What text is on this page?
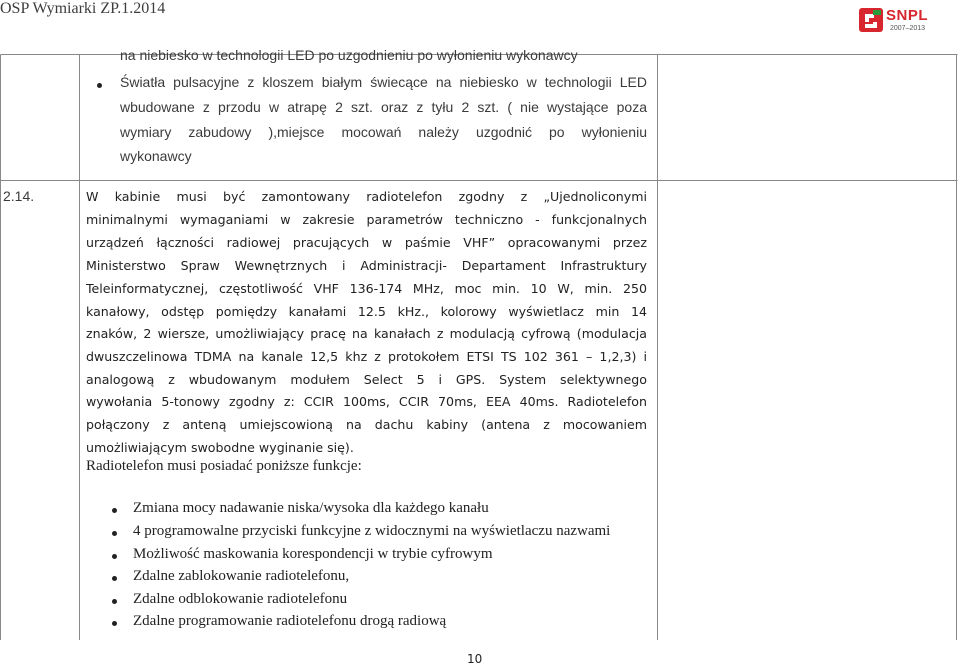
OSP Wymiarki ZP.1.2014	SNPL
2007–2013
na niebiesko w technologii LED po uzgodnieniu po wyłonieniu wykonawcy
Światła pulsacyjne z kloszem białym świecące na niebiesko w technologii LED
wbudowane z przodu w atrapę 2 szt. oraz z tyłu 2 szt. ( nie wystające poza
wymiary zabudowy ),miejsce mocowań należy uzgodnić po wyłonieniu
wykonawcy
2.14.	W kabinie musi być zamontowany radiotelefon zgodny z „Ujednoliconymi
minimalnymi wymaganiami w zakresie parametrów techniczno - funkcjonalnych
urządzeń łączności radiowej pracujących w paśmie VHF” opracowanymi przez
Ministerstwo Spraw Wewnętrznych i Administracji- Departament Infrastruktury
Teleinformatycznej, częstotliwość VHF 136-174 MHz, moc min. 10 W, min. 250
kanałowy, odstęp pomiędzy kanałami 12.5 kHz., kolorowy wyświetlacz min 14
znaków, 2 wiersze, umożliwiający pracę na kanałach z modulacją cyfrową (modulacja
dwuszczelinowa TDMA na kanale 12,5 khz z protokołem ETSI TS 102 361 – 1,2,3) i
analogową z wbudowanym modułem Select 5 i GPS. System selektywnego
wywołania 5-tonowy zgodny z: CCIR 100ms, CCIR 70ms, EEA 40ms. Radiotelefon
połączony z anteną umiejscowioną na dachu kabiny (antena z mocowaniem
umożliwiającym swobodne wyginanie się).
Radiotelefon musi posiadać poniższe funkcje:
Zmiana mocy nadawanie niska/wysoka dla każdego kanału
4 programowalne przyciski funkcyjne z widocznymi na wyświetlaczu nazwami
Możliwość maskowania korespondencji w trybie cyfrowym
Zdalne zablokowanie radiotelefonu,
Zdalne odblokowanie radiotelefonu
Zdalne programowanie radiotelefonu drogą radiową
10
